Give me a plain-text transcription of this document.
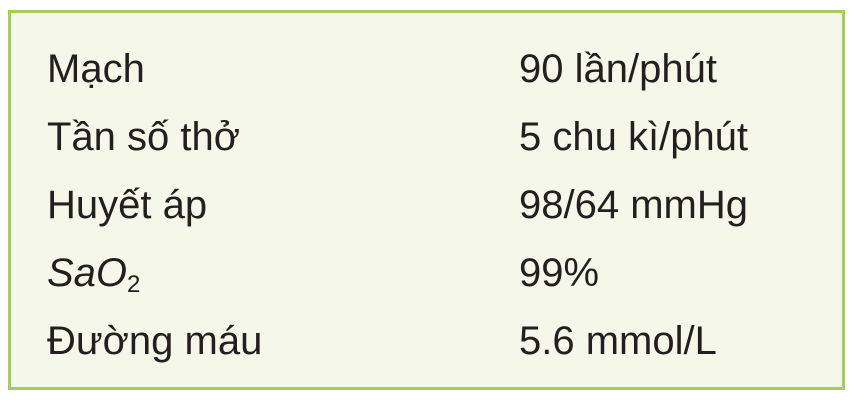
Mạch	90 lần/phút
Tần số thở	5 chu kì/phút
Huyết áp	98/64 mmHg
SaO$_2$	99%
Đường máu	5.6 mmol/L
